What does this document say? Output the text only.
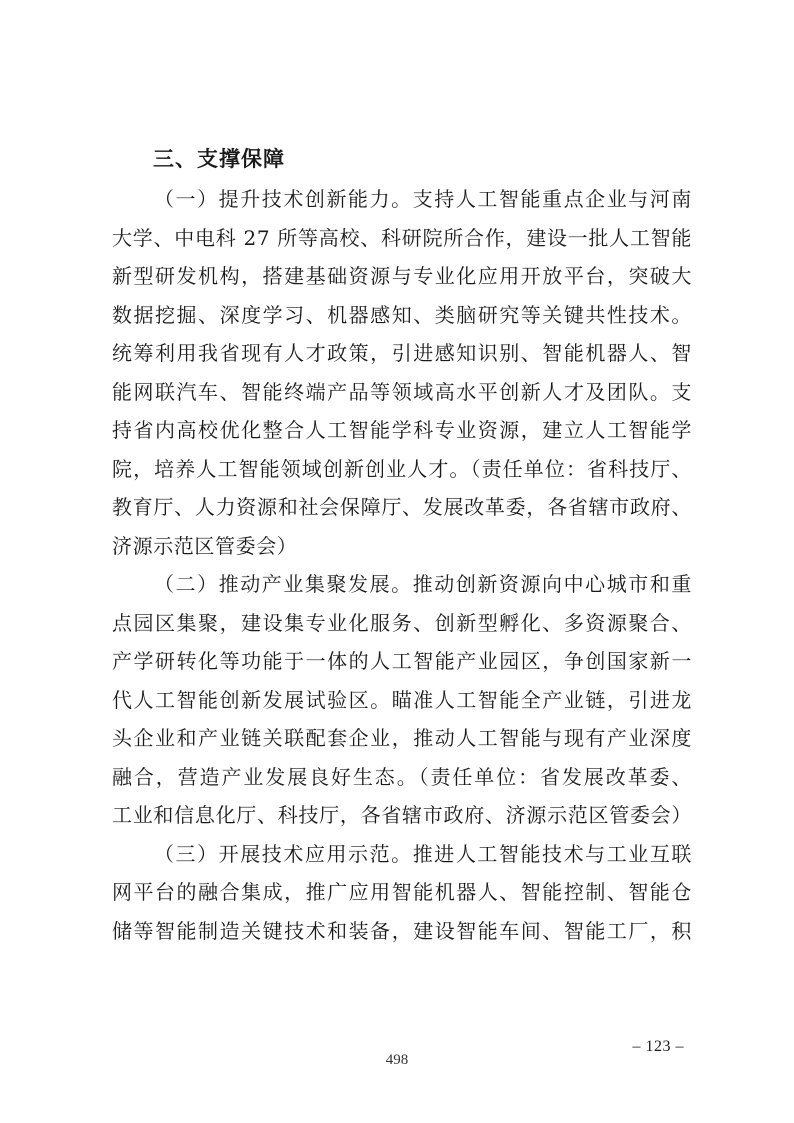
三、支撑保障
（一）提升技术创新能力。支持人工智能重点企业与河南
大学、中电科 27 所等高校、科研院所合作，建设一批人工智能
新型研发机构，搭建基础资源与专业化应用开放平台，突破大
数据挖掘、深度学习、机器感知、类脑研究等关键共性技术。
统筹利用我省现有人才政策，引进感知识别、智能机器人、智
能网联汽车、智能终端产品等领域高水平创新人才及团队。支
持省内高校优化整合人工智能学科专业资源，建立人工智能学
院，培养人工智能领域创新创业人才。（责任单位：省科技厅、
教育厅、人力资源和社会保障厅、发展改革委，各省辖市政府、
济源示范区管委会）
（二）推动产业集聚发展。推动创新资源向中心城市和重
点园区集聚，建设集专业化服务、创新型孵化、多资源聚合、
产学研转化等功能于一体的人工智能产业园区，争创国家新一
代人工智能创新发展试验区。瞄准人工智能全产业链，引进龙
头企业和产业链关联配套企业，推动人工智能与现有产业深度
融合，营造产业发展良好生态。（责任单位：省发展改革委、
工业和信息化厅、科技厅，各省辖市政府、济源示范区管委会）
（三）开展技术应用示范。推进人工智能技术与工业互联
网平台的融合集成，推广应用智能机器人、智能控制、智能仓
储等智能制造关键技术和装备，建设智能车间、智能工厂，积
– 123 –
498
